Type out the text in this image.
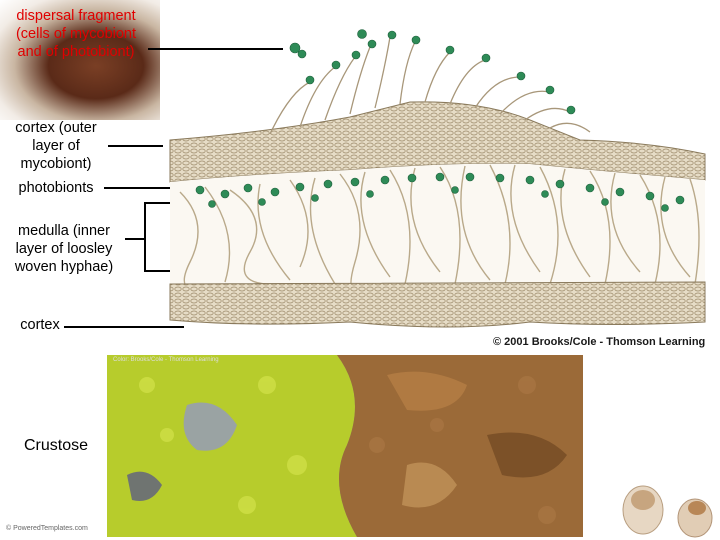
dispersal fragment (cells of mycobiont and of photobiont)
cortex (outer layer of mycobiont)
photobionts
medulla (inner layer of loosley woven hyphae)
cortex
© 2001 Brooks/Cole - Thomson Learning
Color: Brooks/Cole - Thomson Learning
Crustose
© PoweredTemplates.com
